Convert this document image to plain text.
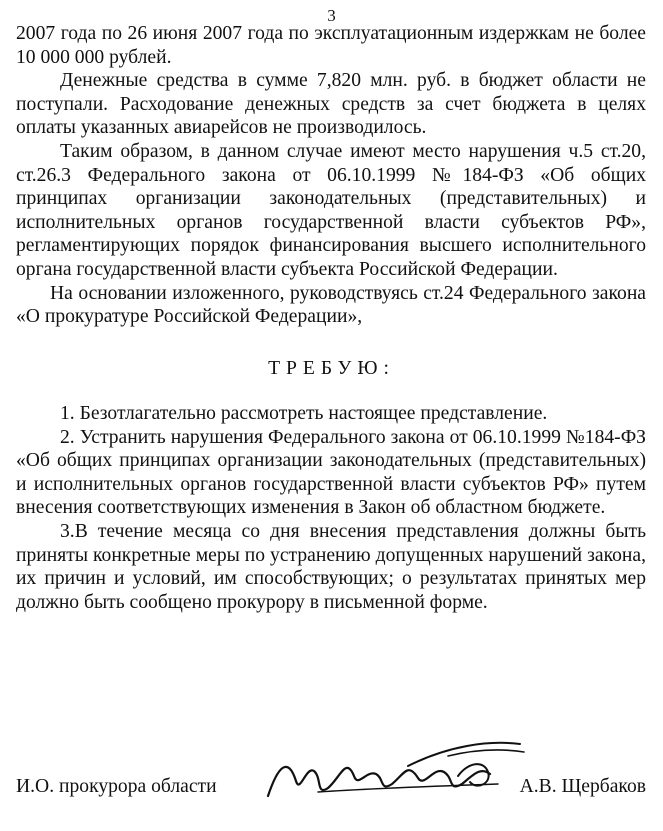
3

2007 года по 26 июня 2007 года по эксплуатационным издержкам не более 10 000 000 рублей.

Денежные средства в сумме 7,820 млн. руб. в бюджет области не поступали. Расходование денежных средств за счет бюджета в целях оплаты указанных авиарейсов не производилось.

Таким образом, в данном случае имеют место нарушения ч.5 ст.20, ст.26.3 Федерального закона от 06.10.1999 №184-ФЗ «Об общих принципах организации законодательных (представительных) и исполнительных органов государственной власти субъектов РФ», регламентирующих порядок финансирования высшего исполнительного органа государственной власти субъекта Российской Федерации.

На основании изложенного, руководствуясь ст.24 Федерального закона «О прокуратуре Российской Федерации»,

ТРЕБУЮ:

1. Безотлагательно рассмотреть настоящее представление.

2. Устранить нарушения Федерального закона от 06.10.1999 №184-ФЗ «Об общих принципах организации законодательных (представительных) и исполнительных органов государственной власти субъектов РФ» путем внесения соответствующих изменения в Закон об областном бюджете.

3.В течение месяца со дня внесения представления должны быть приняты конкретные меры по устранению допущенных нарушений закона, их причин и условий, им способствующих; о результатах принятых мер должно быть сообщено прокурору в письменной форме.

И.О. прокурора области	А.В. Щербаков
